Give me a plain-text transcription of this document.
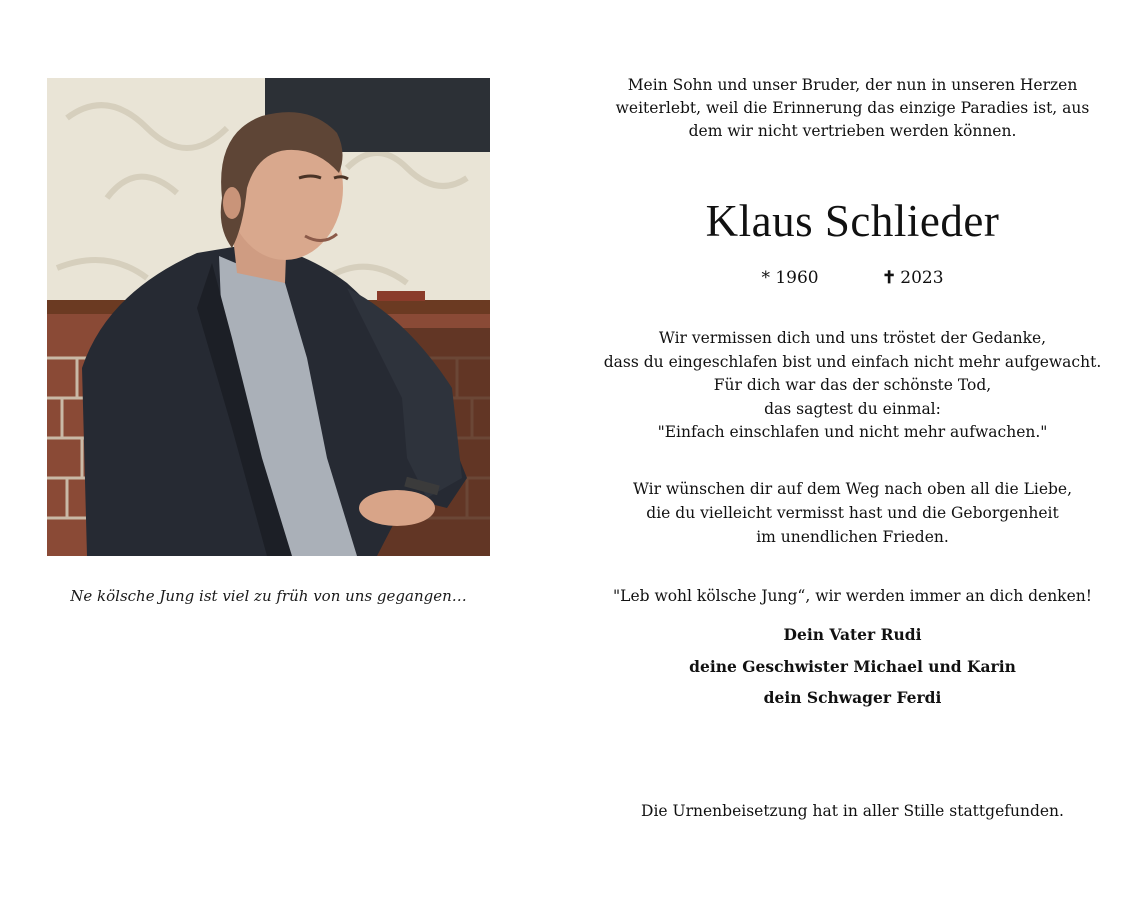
Ne kölsche Jung ist viel zu früh von uns gegangen…
Mein Sohn und unser Bruder, der nun in unseren Herzen
weiterlebt, weil die Erinnerung das einzige Paradies ist, aus
dem wir nicht vertrieben werden können.
Klaus Schlieder
* 1960	✝ 2023
Wir vermissen dich und uns tröstet der Gedanke,
dass du eingeschlafen bist und einfach nicht mehr aufgewacht.
Für dich war das der schönste Tod,
das sagtest du einmal:
"Einfach einschlafen und nicht mehr aufwachen."
Wir wünschen dir auf dem Weg nach oben all die Liebe,
die du vielleicht vermisst hast und die Geborgenheit
im unendlichen Frieden.
"Leb wohl kölsche Jung“, wir werden immer an dich denken!
Dein Vater Rudi
deine Geschwister Michael und Karin
dein Schwager Ferdi
Die Urnenbeisetzung hat in aller Stille stattgefunden.
